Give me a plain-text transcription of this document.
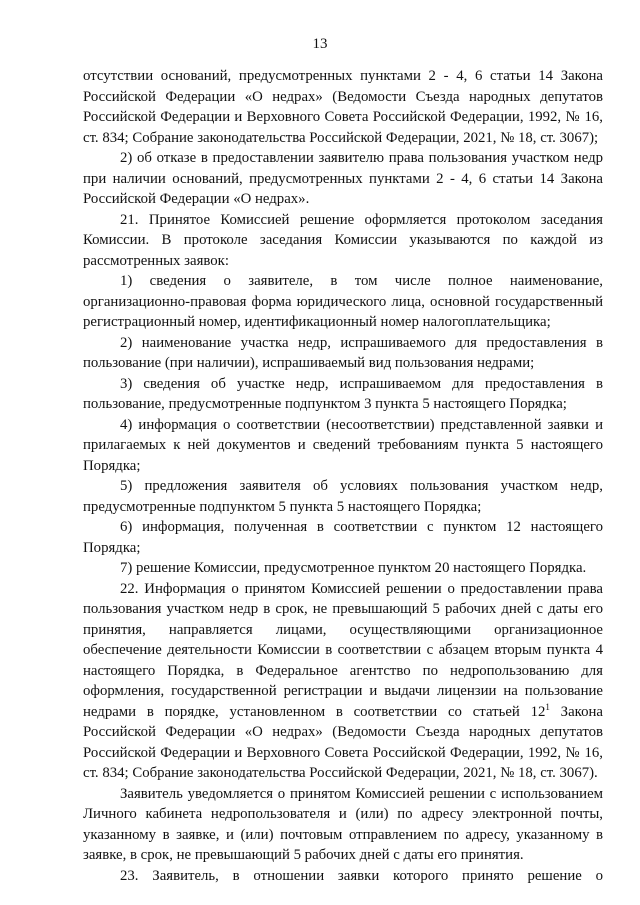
13

отсутствии оснований, предусмотренных пунктами 2 - 4, 6 статьи 14 Закона Российской Федерации «О недрах» (Ведомости Съезда народных депутатов Российской Федерации и Верховного Совета Российской Федерации, 1992, № 16, ст. 834; Собрание законодательства Российской Федерации, 2021, № 18, ст. 3067);

2) об отказе в предоставлении заявителю права пользования участком недр при наличии оснований, предусмотренных пунктами 2 - 4, 6 статьи 14 Закона Российской Федерации «О недрах».

21. Принятое Комиссией решение оформляется протоколом заседания Комиссии. В протоколе заседания Комиссии указываются по каждой из рассмотренных заявок:

1) сведения о заявителе, в том числе полное наименование, организационно-правовая форма юридического лица, основной государственный регистрационный номер, идентификационный номер налогоплательщика;

2) наименование участка недр, испрашиваемого для предоставления в пользование (при наличии), испрашиваемый вид пользования недрами;

3) сведения об участке недр, испрашиваемом для предоставления в пользование, предусмотренные подпунктом 3 пункта 5 настоящего Порядка;

4) информация о соответствии (несоответствии) представленной заявки и прилагаемых к ней документов и сведений требованиям пункта 5 настоящего Порядка;

5) предложения заявителя об условиях пользования участком недр, предусмотренные подпунктом 5 пункта 5 настоящего Порядка;

6) информация, полученная в соответствии с пунктом 12 настоящего Порядка;

7) решение Комиссии, предусмотренное пунктом 20 настоящего Порядка.

22. Информация о принятом Комиссией решении о предоставлении права пользования участком недр в срок, не превышающий 5 рабочих дней с даты его принятия, направляется лицами, осуществляющими организационное обеспечение деятельности Комиссии в соответствии с абзацем вторым пункта 4 настоящего Порядка, в Федеральное агентство по недропользованию для оформления, государственной регистрации и выдачи лицензии на пользование недрами в порядке, установленном в соответствии со статьей $12^1$ Закона Российской Федерации «О недрах» (Ведомости Съезда народных депутатов Российской Федерации и Верховного Совета Российской Федерации, 1992, № 16, ст. 834; Собрание законодательства Российской Федерации, 2021, № 18, ст. 3067).

Заявитель уведомляется о принятом Комиссией решении с использованием Личного кабинета недропользователя и (или) по адресу электронной почты, указанному в заявке, и (или) почтовым отправлением по адресу, указанному в заявке, в срок, не превышающий 5 рабочих дней с даты его принятия.

23. Заявитель, в отношении заявки которого принято решение о
